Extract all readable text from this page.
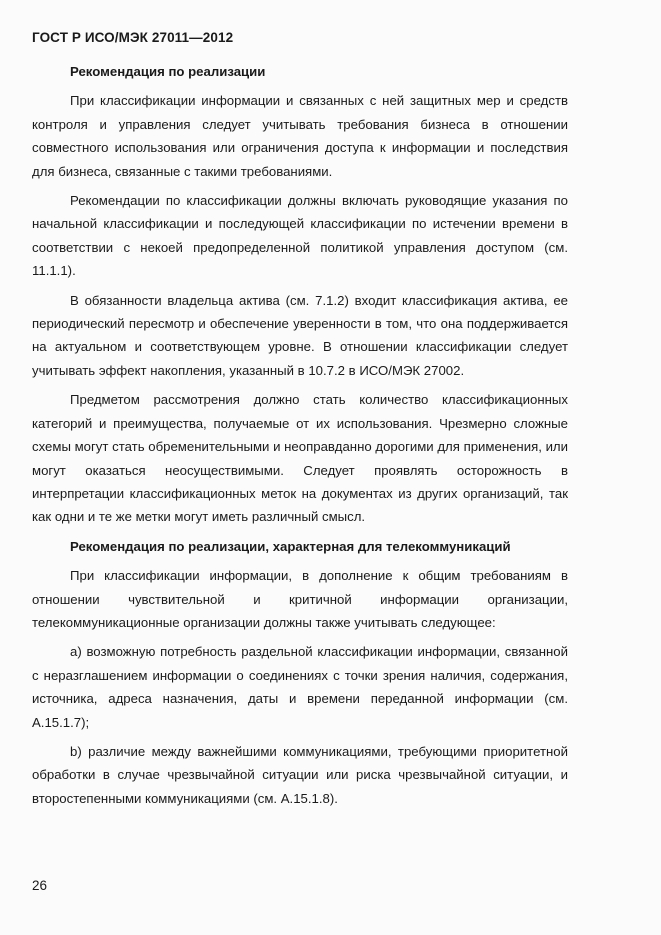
ГОСТ Р ИСО/МЭК 27011—2012

Рекомендация по реализации

При классификации информации и связанных с ней защитных мер и средств контроля и управления следует учитывать требования бизнеса в отношении совместного использования или ограничения доступа к информации и последствия для бизнеса, связанные с такими требованиями.

Рекомендации по классификации должны включать руководящие указания по начальной классификации и последующей классификации по истечении времени в соответствии с некоей предопределенной политикой управления доступом (см. 11.1.1).

В обязанности владельца актива (см. 7.1.2) входит классификация актива, ее периодический пересмотр и обеспечение уверенности в том, что она поддерживается на актуальном и соответствующем уровне. В отношении классификации следует учитывать эффект накопления, указанный в 10.7.2 в ИСО/МЭК 27002.

Предметом рассмотрения должно стать количество классификационных категорий и преимущества, получаемые от их использования. Чрезмерно сложные схемы могут стать обременительными и неоправданно дорогими для применения, или могут оказаться неосуществимыми. Следует проявлять осторожность в интерпретации классификационных меток на документах из других организаций, так как одни и те же метки могут иметь различный смысл.

Рекомендация по реализации, характерная для телекоммуникаций

При классификации информации, в дополнение к общим требованиям в отношении чувствительной и критичной информации организации, телекоммуникационные организации должны также учитывать следующее:

a) возможную потребность раздельной классификации информации, связанной с неразглашением информации о соединениях с точки зрения наличия, содержания, источника, адреса назначения, даты и времени переданной информации (см. А.15.1.7);

b) различие между важнейшими коммуникациями, требующими приоритетной обработки в случае чрезвычайной ситуации или риска чрезвычайной ситуации, и второстепенными коммуникациями (см. А.15.1.8).

26
